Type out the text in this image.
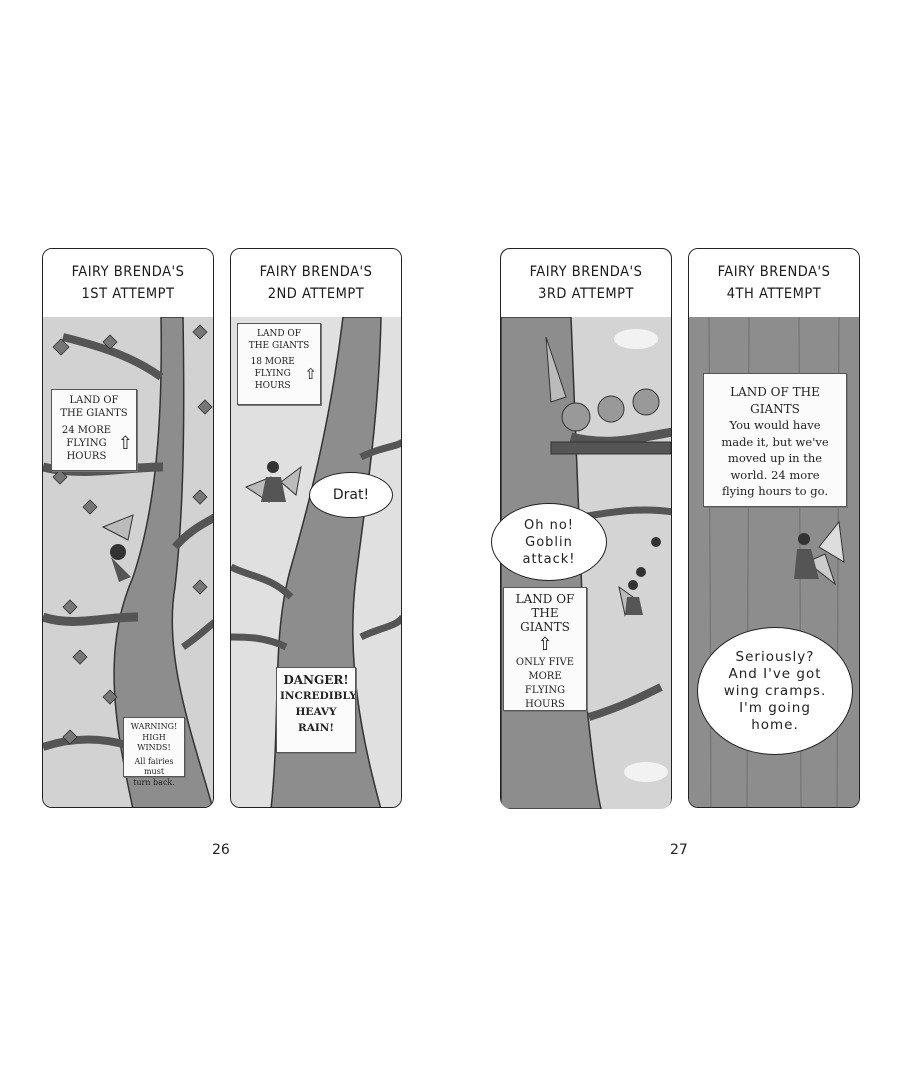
FAIRY BRENDA'S
1ST ATTEMPT
LAND OF
THE GIANTS
24 MORE
FLYING
HOURS
⇧
WARNING!
HIGH WINDS!
All fairies must
turn back.
FAIRY BRENDA'S
2ND ATTEMPT
LAND OF
THE GIANTS
18 MORE
FLYING
HOURS
⇧
Drat!
DANGER!
INCREDIBLY
HEAVY
RAIN!
FAIRY BRENDA'S
3RD ATTEMPT
LAND OF
THE GIANTS
⇧
ONLY FIVE
MORE FLYING
HOURS
Oh no!
Goblin
attack!
FAIRY BRENDA'S
4TH ATTEMPT
LAND OF THE GIANTS
You would have
made it, but we've
moved up in the
world. 24 more
flying hours to go.
Seriously?
And I've got
wing cramps.
I'm going
home.
26	27
